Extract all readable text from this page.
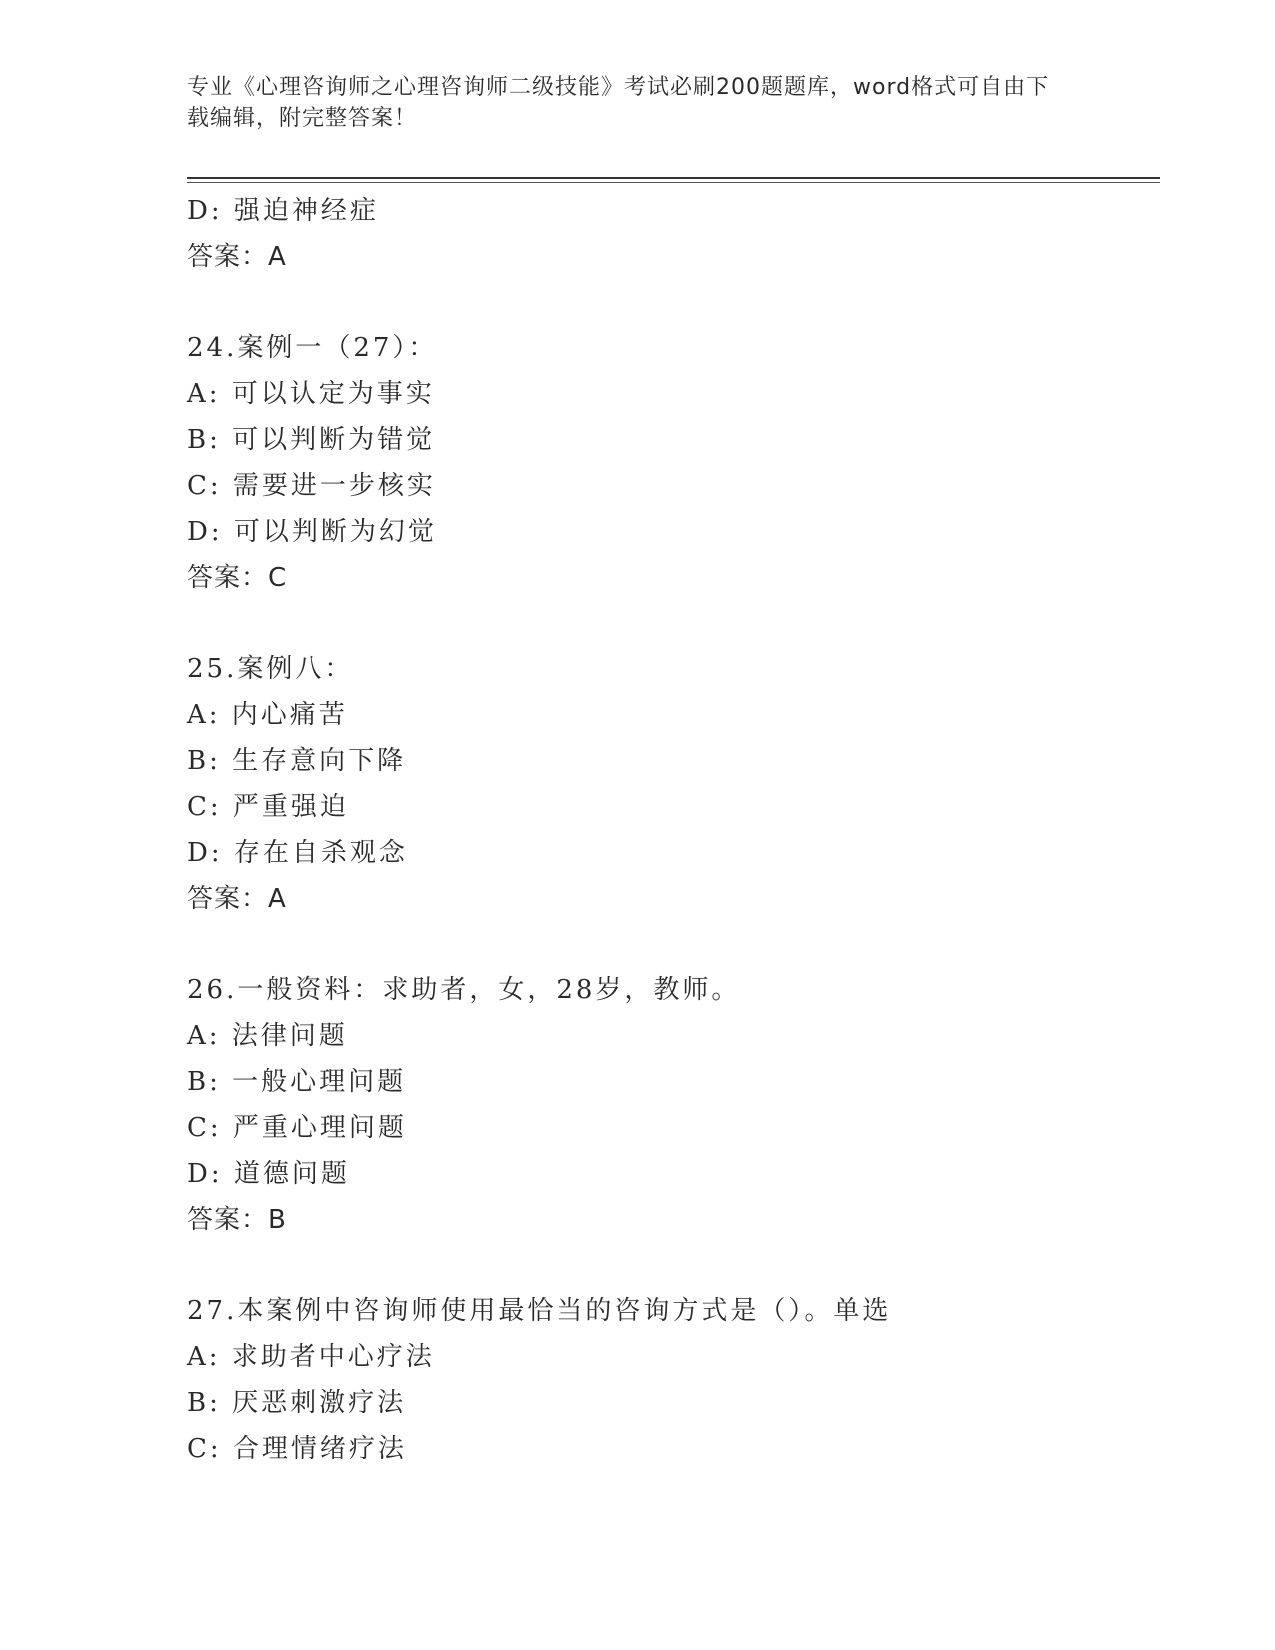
专业《心理咨询师之心理咨询师二级技能》考试必刷200题题库，word格式可自由下载编辑，附完整答案！
D: 强迫神经症
答案：A
24.案例一（27）：
A: 可以认定为事实
B: 可以判断为错觉
C: 需要进一步核实
D: 可以判断为幻觉
答案：C
25.案例八：
A: 内心痛苦
B: 生存意向下降
C: 严重强迫
D: 存在自杀观念
答案：A
26.一般资料：求助者，女，28岁，教师。
A: 法律问题
B: 一般心理问题
C: 严重心理问题
D: 道德问题
答案：B
27.本案例中咨询师使用最恰当的咨询方式是（）。单选
A: 求助者中心疗法
B: 厌恶刺激疗法
C: 合理情绪疗法
